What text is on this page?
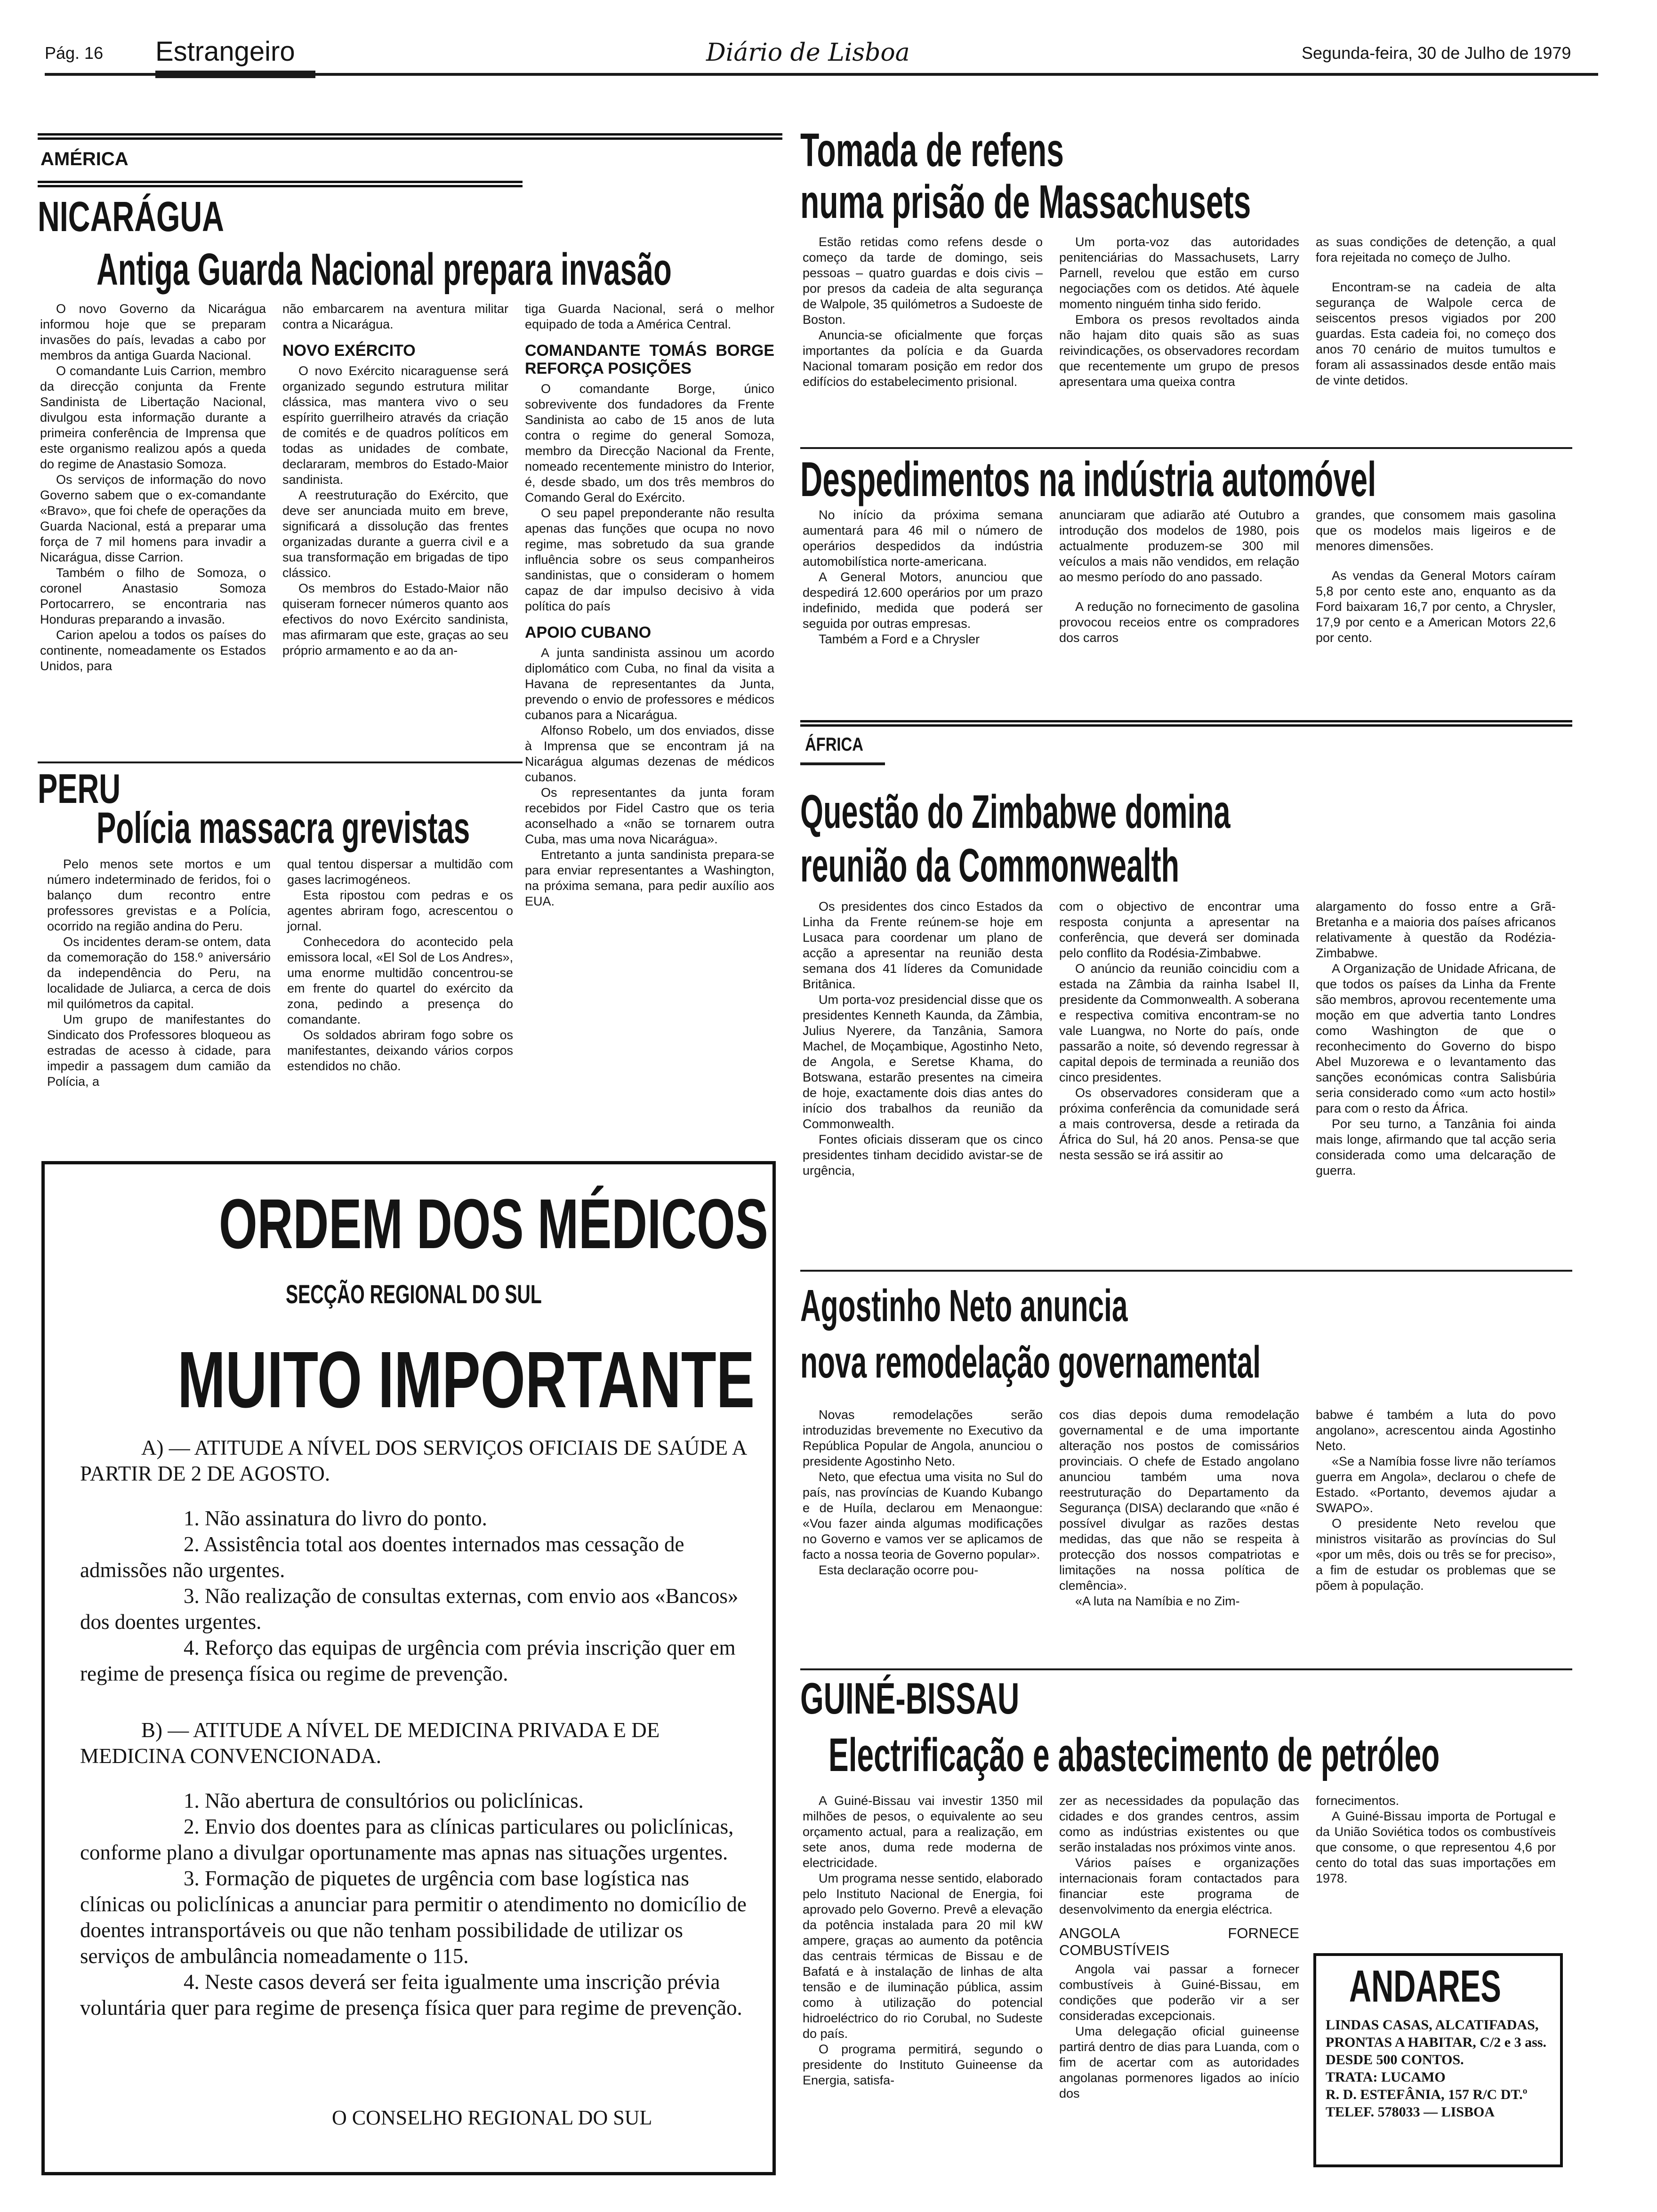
Pág. 16 Estrangeiro	Diário de Lisboa	Segunda-feira, 30 de Julho de 1979
AMÉRICA
NICARÁGUA
Antiga Guarda Nacional prepara invasão

O novo Governo da Nicarágua informou hoje que se preparam invasões do país, levadas a cabo por membros da antiga Guarda Nacional.

O comandante Luis Carrion, membro da direcção conjunta da Frente Sandinista de Libertação Nacional, divulgou esta informação durante a primeira conferência de Imprensa que este organismo realizou após a queda do regime de Anastasio Somoza.

Os serviços de informação do novo Governo sabem que o ex-comandante «Bravo», que foi chefe de operações da Guarda Nacional, está a preparar uma força de 7 mil homens para invadir a Nicarágua, disse Carrion.

Também o filho de Somoza, o coronel Anastasio Somoza Portocarrero, se encontraria nas Honduras preparando a invasão.

Carion apelou a todos os países do continente, nomeadamente os Estados Unidos, para

não embarcarem na aventura militar contra a Nicarágua.

NOVO EXÉRCITO

O novo Exército nicaraguense será organizado segundo estrutura militar clássica, mas mantera vivo o seu espírito guerrilheiro através da criação de comités e de quadros políticos em todas as unidades de combate, declararam, membros do Estado-Maior sandinista.

A reestruturação do Exército, que deve ser anunciada muito em breve, significará a dissolução das frentes organizadas durante a guerra civil e a sua transformação em brigadas de tipo clássico.

Os membros do Estado-Maior não quiseram fornecer números quanto aos efectivos do novo Exército sandinista, mas afirmaram que este, graças ao seu próprio armamento e ao da an-

tiga Guarda Nacional, será o melhor equipado de toda a América Central.

COMANDANTE TOMÁS BORGE REFORÇA POSIÇÕES

O comandante Borge, único sobrevivente dos fundadores da Frente Sandinista ao cabo de 15 anos de luta contra o regime do general Somoza, membro da Direcção Nacional da Frente, nomeado recentemente ministro do Interior, é, desde sbado, um dos três membros do Comando Geral do Exército.

O seu papel preponderante não resulta apenas das funções que ocupa no novo regime, mas sobretudo da sua grande influência sobre os seus companheiros sandinistas, que o consideram o homem capaz de dar impulso decisivo à vida política do país

APOIO CUBANO

A junta sandinista assinou um acordo diplomático com Cuba, no final da visita a Havana de representantes da Junta, prevendo o envio de professores e médicos cubanos para a Nicarágua.

Alfonso Robelo, um dos enviados, disse à Imprensa que se encontram já na Nicarágua algumas dezenas de médicos cubanos.

Os representantes da junta foram recebidos por Fidel Castro que os teria aconselhado a «não se tornarem outra Cuba, mas uma nova Nicarágua».

Entretanto a junta sandinista prepara-se para enviar representantes a Washington, na próxima semana, para pedir auxílio aos EUA.

PERU
Polícia massacra grevistas

Pelo menos sete mortos e um número indeterminado de feridos, foi o balanço dum recontro entre professores grevistas e a Polícia, ocorrido na região andina do Peru.

Os incidentes deram-se ontem, data da comemoração do 158.º aniversário da independência do Peru, na localidade de Juliarca, a cerca de dois mil quilómetros da capital.

Um grupo de manifestantes do Sindicato dos Professores bloqueou as estradas de acesso à cidade, para impedir a passagem dum camião da Polícia, a

qual tentou dispersar a multidão com gases lacrimogéneos.

Esta ripostou com pedras e os agentes abriram fogo, acrescentou o jornal.

Conhecedora do acontecido pela emissora local, «El Sol de Los Andres», uma enorme multidão concentrou-se em frente do quartel do exército da zona, pedindo a presença do comandante.

Os soldados abriram fogo sobre os manifestantes, deixando vários corpos estendidos no chão.

ORDEM DOS MÉDICOS
SECÇÃO REGIONAL DO SUL
MUITO IMPORTANTE

A) — ATITUDE A NÍVEL DOS SERVIÇOS OFICIAIS DE SAÚDE A PARTIR DE 2 DE AGOSTO.

1. Não assinatura do livro do ponto.

2. Assistência total aos doentes internados mas cessação de admissões não urgentes.

3. Não realização de consultas externas, com envio aos «Bancos» dos doentes urgentes.

4. Reforço das equipas de urgência com prévia inscrição quer em regime de presença física ou regime de prevenção.

B) — ATITUDE A NÍVEL DE MEDICINA PRIVADA E DE MEDICINA CONVENCIONADA.

1. Não abertura de consultórios ou policlínicas.

2. Envio dos doentes para as clínicas particulares ou policlínicas, conforme plano a divulgar oportunamente mas apnas nas situações urgentes.

3. Formação de piquetes de urgência com base logística nas clínicas ou policlínicas a anunciar para permitir o atendimento no domicílio de doentes intransportáveis ou que não tenham possibilidade de utilizar os serviços de ambulância nomeadamente o 115.

4. Neste casos deverá ser feita igualmente uma inscrição prévia voluntária quer para regime de presença física quer para regime de prevenção.

O CONSELHO REGIONAL DO SUL
Tomada de refens
numa prisão de Massachusets

Estão retidas como refens desde o começo da tarde de domingo, seis pessoas – quatro guardas e dois civis – por presos da cadeia de alta segurança de Walpole, 35 quilómetros a Sudoeste de Boston.

Anuncia-se oficialmente que forças importantes da polícia e da Guarda Nacional tomaram posição em redor dos edifícios do estabelecimento prisional.

Um porta-voz das autoridades penitenciárias do Massachusets, Larry Parnell, revelou que estão em curso negociações com os detidos. Até àquele momento ninguém tinha sido ferido.

Embora os presos revoltados ainda não hajam dito quais são as suas reivindicações, os observadores recordam que recentemente um grupo de presos apresentara uma queixa contra

as suas condições de detenção, a qual fora rejeitada no começo de Julho.

Encontram-se na cadeia de alta segurança de Walpole cerca de seiscentos presos vigiados por 200 guardas. Esta cadeia foi, no começo dos anos 70 cenário de muitos tumultos e foram ali assassinados desde então mais de vinte detidos.

Despedimentos na indústria automóvel

No início da próxima semana aumentará para 46 mil o número de operários despedidos da indústria automobilística norte-americana.

A General Motors, anunciou que despedirá 12.600 operários por um prazo indefinido, medida que poderá ser seguida por outras empresas.

Também a Ford e a Chrysler

anunciaram que adiarão até Outubro a introdução dos modelos de 1980, pois actualmente produzem-se 300 mil veículos a mais não vendidos, em relação ao mesmo período do ano passado.

A redução no fornecimento de gasolina provocou receios entre os compradores dos carros

grandes, que consomem mais gasolina que os modelos mais ligeiros e de menores dimensões.

As vendas da General Motors caíram 5,8 por cento este ano, enquanto as da Ford baixaram 16,7 por cento, a Chrysler, 17,9 por cento e a American Motors 22,6 por cento.

ÁFRICA
Questão do Zimbabwe domina
reunião da Commonwealth

Os presidentes dos cinco Estados da Linha da Frente reúnem-se hoje em Lusaca para coordenar um plano de acção a apresentar na reunião desta semana dos 41 líderes da Comunidade Britânica.

Um porta-voz presidencial disse que os presidentes Kenneth Kaunda, da Zâmbia, Julius Nyerere, da Tanzânia, Samora Machel, de Moçambique, Agostinho Neto, de Angola, e Seretse Khama, do Botswana, estarão presentes na cimeira de hoje, exactamente dois dias antes do início dos trabalhos da reunião da Commonwealth.

Fontes oficiais disseram que os cinco presidentes tinham decidido avistar-se de urgência,

com o objectivo de encontrar uma resposta conjunta a apresentar na conferência, que deverá ser dominada pelo conflito da Rodésia-Zimbabwe.

O anúncio da reunião coincidiu com a estada na Zâmbia da rainha Isabel II, presidente da Commonwealth. A soberana e respectiva comitiva encontram-se no vale Luangwa, no Norte do país, onde passarão a noite, só devendo regressar à capital depois de terminada a reunião dos cinco presidentes.

Os observadores consideram que a próxima conferência da comunidade será a mais controversa, desde a retirada da África do Sul, há 20 anos. Pensa-se que nesta sessão se irá assitir ao

alargamento do fosso entre a Grã-Bretanha e a maioria dos países africanos relativamente à questão da Rodézia-Zimbabwe.

A Organização de Unidade Africana, de que todos os países da Linha da Frente são membros, aprovou recentemente uma moção em que advertia tanto Londres como Washington de que o reconhecimento do Governo do bispo Abel Muzorewa e o levantamento das sanções económicas contra Salisbúria seria considerado como «um acto hostil» para com o resto da África.

Por seu turno, a Tanzânia foi ainda mais longe, afirmando que tal acção seria considerada como uma delcaração de guerra.

Agostinho Neto anuncia
nova remodelação governamental

Novas remodelações serão introduzidas brevemente no Executivo da República Popular de Angola, anunciou o presidente Agostinho Neto.

Neto, que efectua uma visita no Sul do país, nas províncias de Kuando Kubango e de Huíla, declarou em Menaongue: «Vou fazer ainda algumas modificações no Governo e vamos ver se aplicamos de facto a nossa teoria de Governo popular».

Esta declaração ocorre pou-

cos dias depois duma remodelação governamental e de uma importante alteração nos postos de comissários provinciais. O chefe de Estado angolano anunciou também uma nova reestruturação do Departamento da Segurança (DISA) declarando que «não é possível divulgar as razões destas medidas, das que não se respeita à protecção dos nossos compatriotas e limitações na nossa política de clemência».

«A luta na Namíbia e no Zim-

babwe é também a luta do povo angolano», acrescentou ainda Agostinho Neto.

«Se a Namíbia fosse livre não teríamos guerra em Angola», declarou o chefe de Estado. «Portanto, devemos ajudar a SWAPO».

O presidente Neto revelou que ministros visitarão as províncias do Sul «por um mês, dois ou três se for preciso», a fim de estudar os problemas que se põem à população.

GUINÉ-BISSAU
Electrificação e abastecimento de petróleo

A Guiné-Bissau vai investir 1350 mil milhões de pesos, o equivalente ao seu orçamento actual, para a realização, em sete anos, duma rede moderna de electricidade.

Um programa nesse sentido, elaborado pelo Instituto Nacional de Energia, foi aprovado pelo Governo. Prevê a elevação da potência instalada para 20 mil kW ampere, graças ao aumento da potência das centrais térmicas de Bissau e de Bafatá e à instalação de linhas de alta tensão e de iluminação pública, assim como à utilização do potencial hidroeléctrico do rio Corubal, no Sudeste do país.

O programa permitirá, segundo o presidente do Instituto Guineense da Energia, satisfa-

zer as necessidades da população das cidades e dos grandes centros, assim como as indústrias existentes ou que serão instaladas nos próximos vinte anos.

Vários países e organizações internacionais foram contactados para financiar este programa de desenvolvimento da energia eléctrica.

ANGOLA FORNECE COMBUSTÍVEIS

Angola vai passar a fornecer combustíveis à Guiné-Bissau, em condições que poderão vir a ser consideradas excepcionais.

Uma delegação oficial guineense partirá dentro de dias para Luanda, com o fim de acertar com as autoridades angolanas pormenores ligados ao início dos

fornecimentos.

A Guiné-Bissau importa de Portugal e da União Soviética todos os combustíveis que consome, o que representou 4,6 por cento do total das suas importações em 1978.

ANDARES

LINDAS CASAS, ALCATIFADAS, PRONTAS A HABITAR, C/2 e 3 ass. DESDE 500 CONTOS.

TRATA: LUCAMO

R. D. ESTEFÂNIA, 157 R/C DT.º

TELEF. 578033 — LISBOA
